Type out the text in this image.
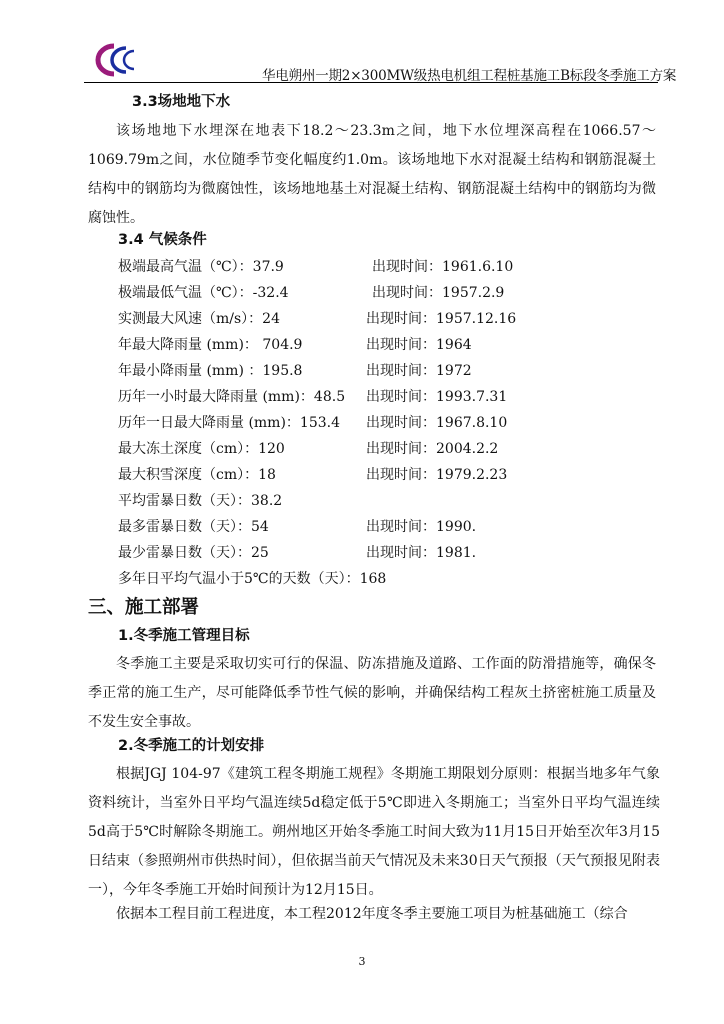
华电朔州一期2×300MW级热电机组工程桩基施工B标段冬季施工方案
3.3场地地下水
该场地地下水埋深在地表下18.2～23.3m之间，地下水位埋深高程在1066.57～1069.79m之间，水位随季节变化幅度约1.0m。该场地地下水对混凝土结构和钢筋混凝土结构中的钢筋均为微腐蚀性，该场地地基土对混凝土结构、钢筋混凝土结构中的钢筋均为微腐蚀性。
3.4 气候条件
极端最高气温（℃）：37.9	出现时间：1961.6.10
极端最低气温（℃）：-32.4	出现时间：1957.2.9
实测最大风速（m/s）：24	出现时间：1957.12.16
年最大降雨量 (mm)： 704.9	出现时间：1964
年最小降雨量 (mm) ：195.8	出现时间：1972
历年一小时最大降雨量 (mm)：48.5 出现时间：1993.7.31
历年一日最大降雨量 (mm)：153.4 出现时间：1967.8.10
最大冻土深度（cm）：120	出现时间：2004.2.2
最大积雪深度（cm）：18	出现时间：1979.2.23
平均雷暴日数（天）：38.2
最多雷暴日数（天）：54	出现时间：1990.
最少雷暴日数（天）：25	出现时间：1981.
多年日平均气温小于5℃的天数（天）：168
三、施工部署
1.冬季施工管理目标
冬季施工主要是采取切实可行的保温、防冻措施及道路、工作面的防滑措施等，确保冬季正常的施工生产，尽可能降低季节性气候的影响，并确保结构工程灰土挤密桩施工质量及不发生安全事故。
2.冬季施工的计划安排
根据JGJ 104-97《建筑工程冬期施工规程》冬期施工期限划分原则：根据当地多年气象资料统计，当室外日平均气温连续5d稳定低于5℃即进入冬期施工；当室外日平均气温连续5d高于5℃时解除冬期施工。朔州地区开始冬季施工时间大致为11月15日开始至次年3月15日结束（参照朔州市供热时间），但依据当前天气情况及未来30日天气预报（天气预报见附表一），今年冬季施工开始时间预计为12月15日。
依据本工程目前工程进度，本工程2012年度冬季主要施工项目为桩基础施工（综合
3
